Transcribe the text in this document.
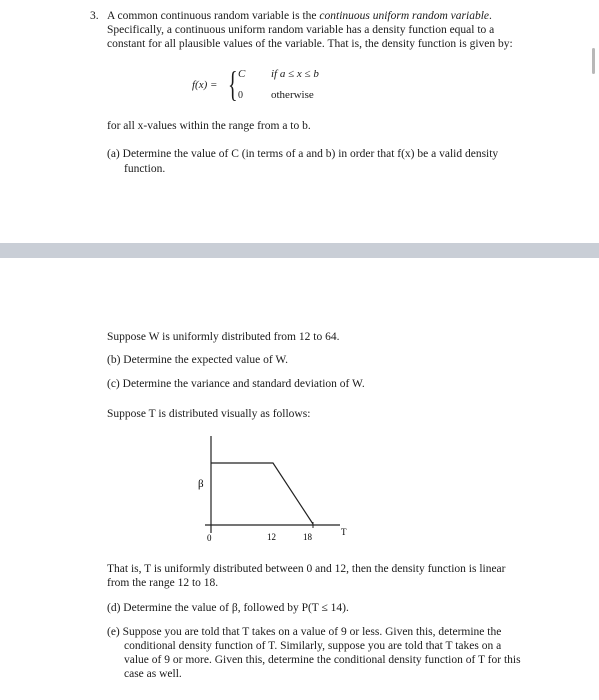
3. A common continuous random variable is the continuous uniform random variable.
Specifically, a continuous uniform random variable has a density function equal to a
constant for all plausible values of the variable. That is, the density function is given by:
f(x) = { C if a ≤ x ≤ b
0	otherwise
for all x-values within the range from a to b.
(a) Determine the value of C (in terms of a and b) in order that f(x) be a valid density
function.
Suppose W is uniformly distributed from 12 to 64.
(b) Determine the expected value of W.
(c) Determine the variance and standard deviation of W.
Suppose T is distributed visually as follows:
β
T
0	12	18
That is, T is uniformly distributed between 0 and 12, then the density function is linear
from the range 12 to 18.
(d) Determine the value of β, followed by P(T ≤ 14).
(e) Suppose you are told that T takes on a value of 9 or less. Given this, determine the
conditional density function of T. Similarly, suppose you are told that T takes on a
value of 9 or more. Given this, determine the conditional density function of T for this
case as well.
